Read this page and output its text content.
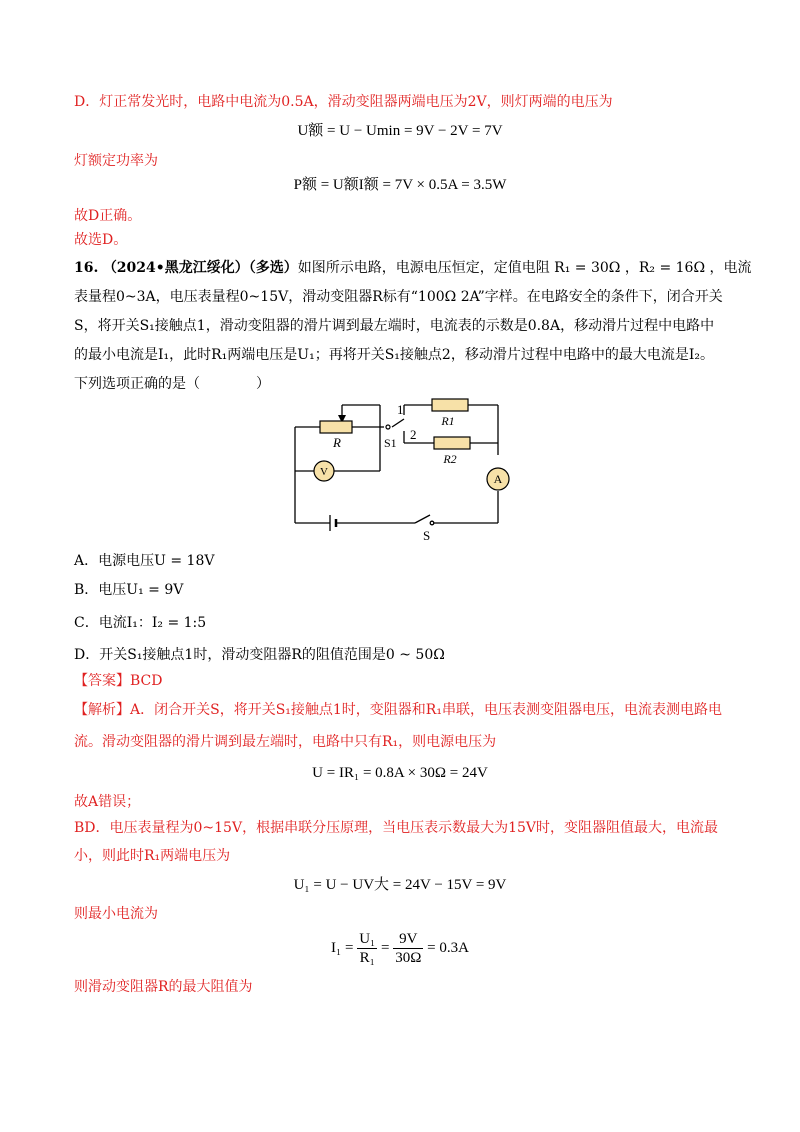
D．灯正常发光时，电路中电流为0.5A，滑动变阻器两端电压为2V，则灯两端的电压为
U额 = U − Umin = 9V − 2V = 7V
灯额定功率为
P额 = U额I额 = 7V × 0.5A = 3.5W
故D正确。
故选D。
16. （2024•黑龙江绥化）（多选）如图所示电路，电源电压恒定，定值电阻 R₁ = 30Ω ，R₂ = 16Ω ，电流
表量程0~3A，电压表量程0~15V，滑动变阻器R标有“100Ω 2A”字样。在电路安全的条件下，闭合开关
S，将开关S₁接触点1，滑动变阻器的滑片调到最左端时，电流表的示数是0.8A，移动滑片过程中电路中
的最小电流是I₁，此时R₁两端电压是U₁；再将开关S₁接触点2，移动滑片过程中电路中的最大电流是I₂。
下列选项正确的是（　　　　）
R
R1
R2
S1
S
V	A
1
2
A．电源电压U = 18V
B．电压U₁ = 9V
C．电流I₁：I₂ = 1:5
D．开关S₁接触点1时，滑动变阻器R的阻值范围是0 ~ 50Ω
【答案】BCD
【解析】A．闭合开关S，将开关S₁接触点1时，变阻器和R₁串联，电压表测变阻器电压，电流表测电路电
流。滑动变阻器的滑片调到最左端时，电路中只有R₁，则电源电压为
U = IR₁ = 0.8A × 30Ω = 24V
故A错误；
BD．电压表量程为0~15V，根据串联分压原理，当电压表示数最大为15V时，变阻器阻值最大，电流最
小，则此时R₁两端电压为
U₁ = U − UV大 = 24V − 15V = 9V
则最小电流为
$I_1 = \frac{\text{U₁}}{\text{R₁}} = \frac{9V}{30\Omega} = 0.3A$
则滑动变阻器R的最大阻值为
